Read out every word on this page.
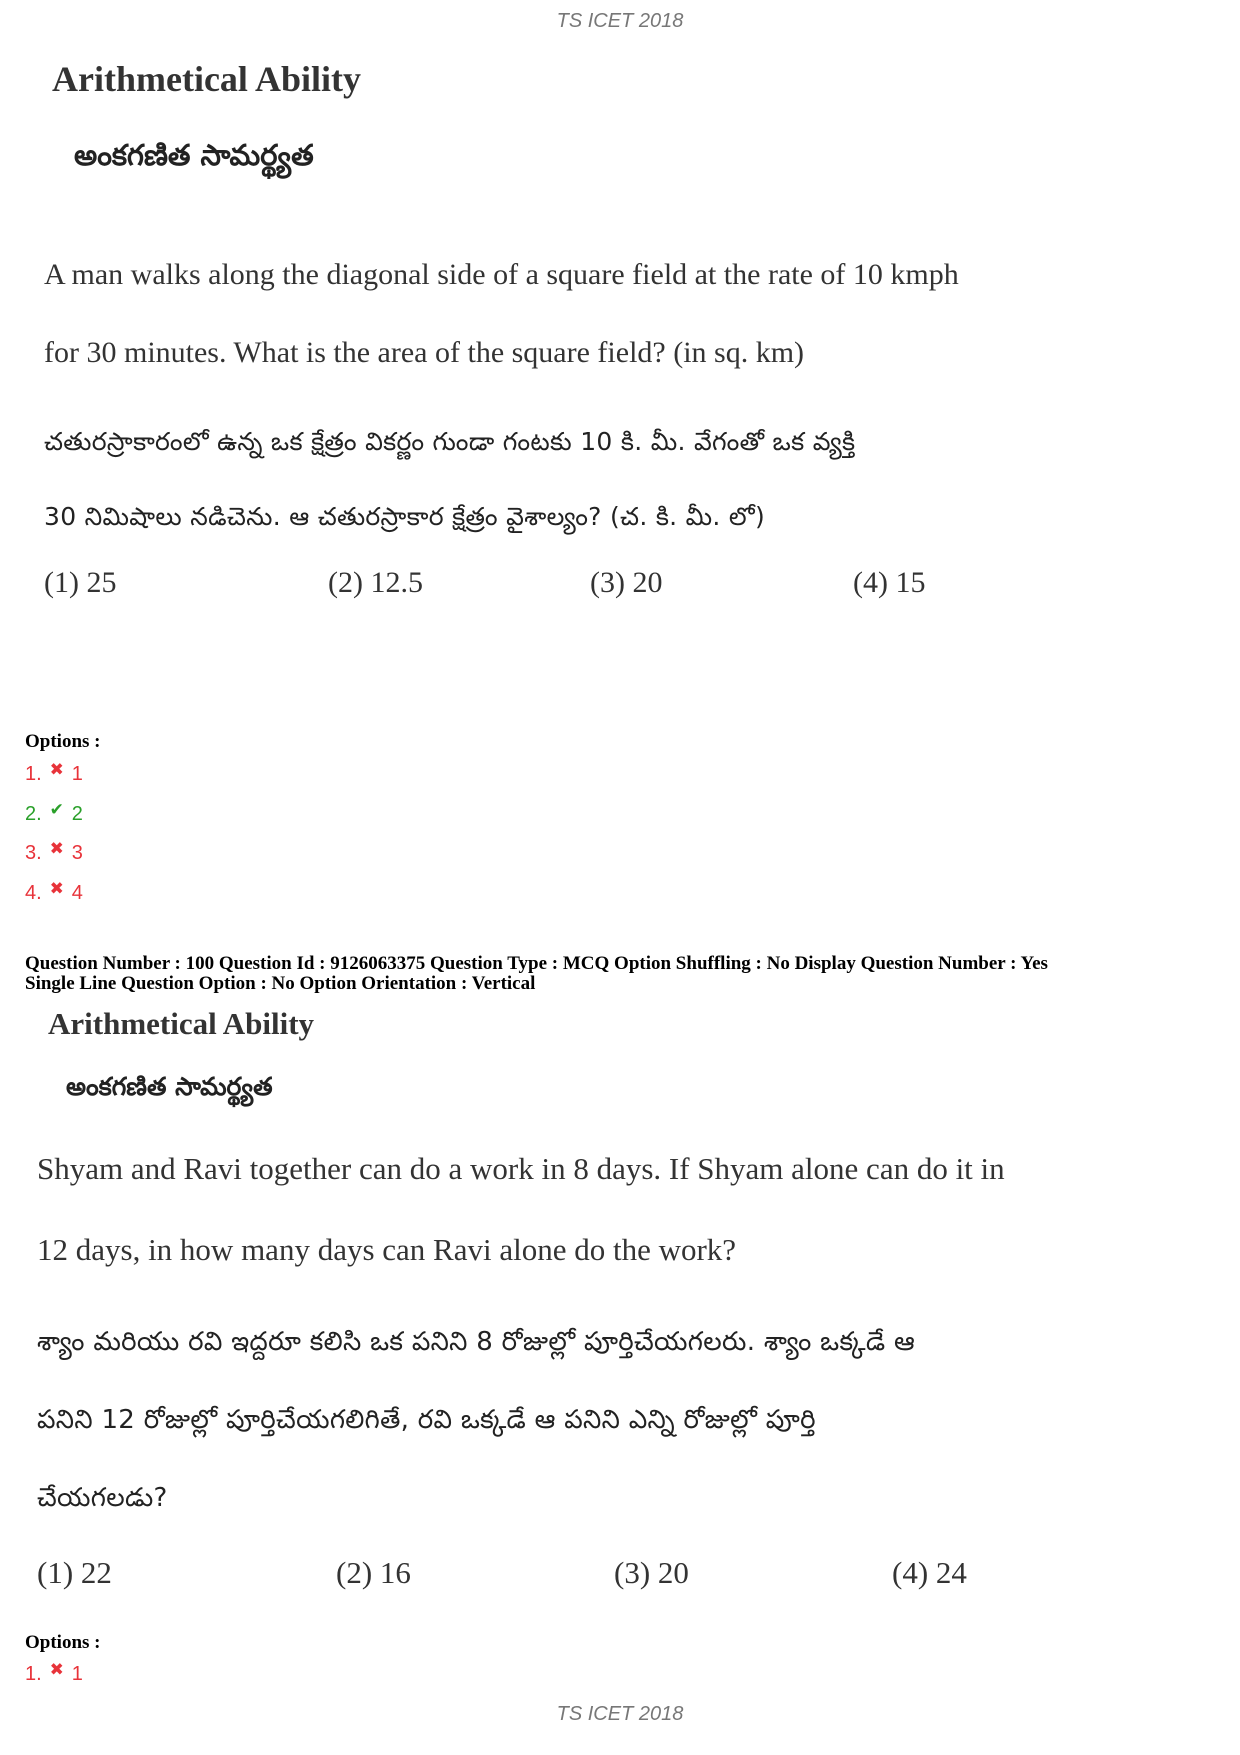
TS ICET 2018
Arithmetical Ability
అంకగణిత సామర్థ్యత
A man walks along the diagonal side of a square field at the rate of 10 kmph
for 30 minutes. What is the area of the square field? (in sq. km)
చతురస్రాకారంలో ఉన్న ఒక క్షేత్రం వికర్ణం గుండా గంటకు 10 కి. మీ. వేగంతో ఒక వ్యక్తి
30 నిమిషాలు నడిచెను. ఆ చతురస్రాకార క్షేత్రం వైశాల్యం? (చ. కి. మీ. లో)
(1) 25	(2) 12.5	(3) 20	(4) 15
Options :
1. ✖ 1
2. ✔ 2
3. ✖ 3
4. ✖ 4
Question Number : 100 Question Id : 9126063375 Question Type : MCQ Option Shuffling : No Display Question Number : Yes
Single Line Question Option : No Option Orientation : Vertical
Arithmetical Ability
అంకగణిత సామర్థ్యత
Shyam and Ravi together can do a work in 8 days. If Shyam alone can do it in
12 days, in how many days can Ravi alone do the work?
శ్యాం మరియు రవి ఇద్దరూ కలిసి ఒక పనిని 8 రోజుల్లో పూర్తిచేయగలరు. శ్యాం ఒక్కడే ఆ
పనిని 12 రోజుల్లో పూర్తిచేయగలిగితే, రవి ఒక్కడే ఆ పనిని ఎన్ని రోజుల్లో పూర్తి
చేయగలడు?
(1) 22	(2) 16	(3) 20	(4) 24
Options :
1. ✖ 1
TS ICET 2018
